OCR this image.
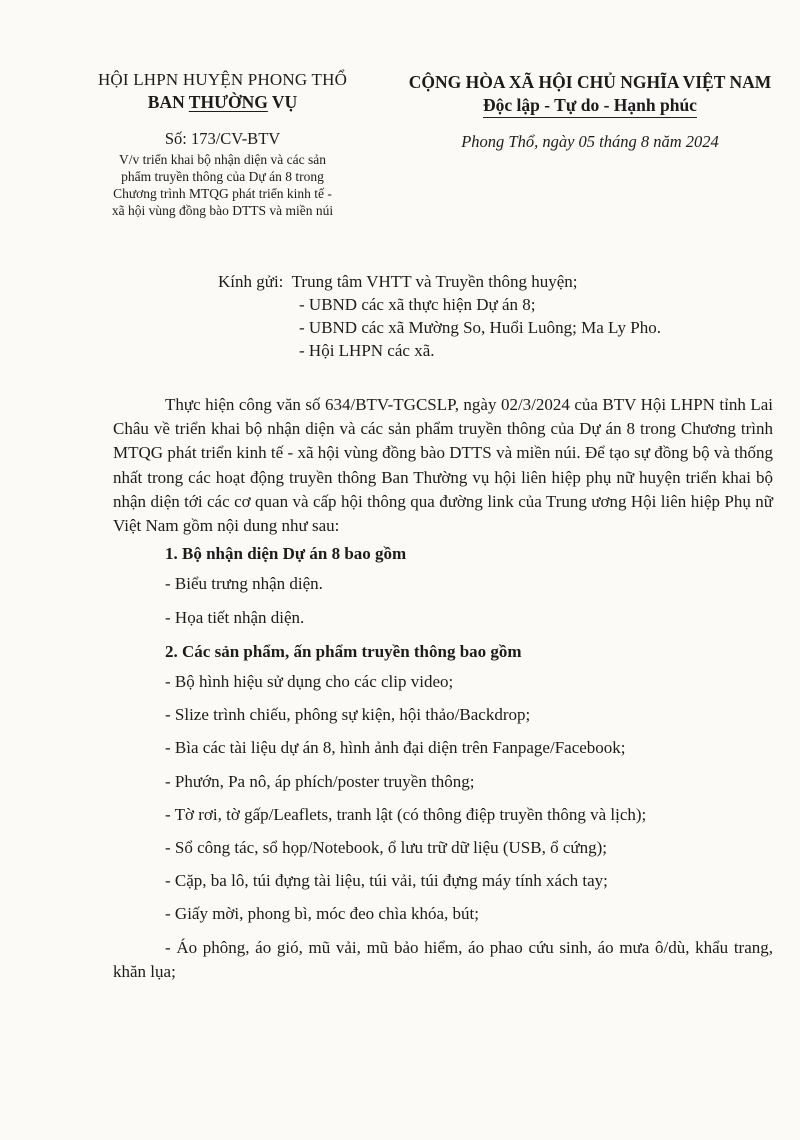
HỘI LHPN HUYỆN PHONG THỔ
BAN THƯỜNG VỤ
Số: 173/CV-BTV
V/v triển khai bộ nhận diện và các sản
phẩm truyền thông của Dự án 8 trong
Chương trình MTQG phát triển kinh tế -
xã hội vùng đồng bào DTTS và miền núi
CỘNG HÒA XÃ HỘI CHỦ NGHĨA VIỆT NAM
Độc lập - Tự do - Hạnh phúc
Phong Thổ, ngày 05 tháng 8 năm 2024
Kính gửi: Trung tâm VHTT và Truyền thông huyện;
- UBND các xã thực hiện Dự án 8;
- UBND các xã Mường So, Huổi Luông; Ma Ly Pho.
- Hội LHPN các xã.

Thực hiện công văn số 634/BTV-TGCSLP, ngày 02/3/2024 của BTV Hội LHPN tỉnh Lai Châu về triển khai bộ nhận diện và các sản phẩm truyền thông của Dự án 8 trong Chương trình MTQG phát triển kinh tế - xã hội vùng đồng bào DTTS và miền núi. Để tạo sự đồng bộ và thống nhất trong các hoạt động truyền thông Ban Thường vụ hội liên hiệp phụ nữ huyện triển khai bộ nhận diện tới các cơ quan và cấp hội thông qua đường link của Trung ương Hội liên hiệp Phụ nữ Việt Nam gồm nội dung như sau:

1. Bộ nhận diện Dự án 8 bao gồm

- Biểu trưng nhận diện.

- Họa tiết nhận diện.

2. Các sản phẩm, ấn phẩm truyền thông bao gồm

- Bộ hình hiệu sử dụng cho các clip video;

- Slize trình chiếu, phông sự kiện, hội thảo/Backdrop;

- Bìa các tài liệu dự án 8, hình ảnh đại diện trên Fanpage/Facebook;

- Phướn, Pa nô, áp phích/poster truyền thông;

- Tờ rơi, tờ gấp/Leaflets, tranh lật (có thông điệp truyền thông và lịch);

- Sổ công tác, sổ họp/Notebook, ổ lưu trữ dữ liệu (USB, ổ cứng);

- Cặp, ba lô, túi đựng tài liệu, túi vải, túi đựng máy tính xách tay;

- Giấy mời, phong bì, móc đeo chìa khóa, bút;

- Áo phông, áo gió, mũ vải, mũ bảo hiểm, áo phao cứu sinh, áo mưa ô/dù, khẩu trang, khăn lụa;
